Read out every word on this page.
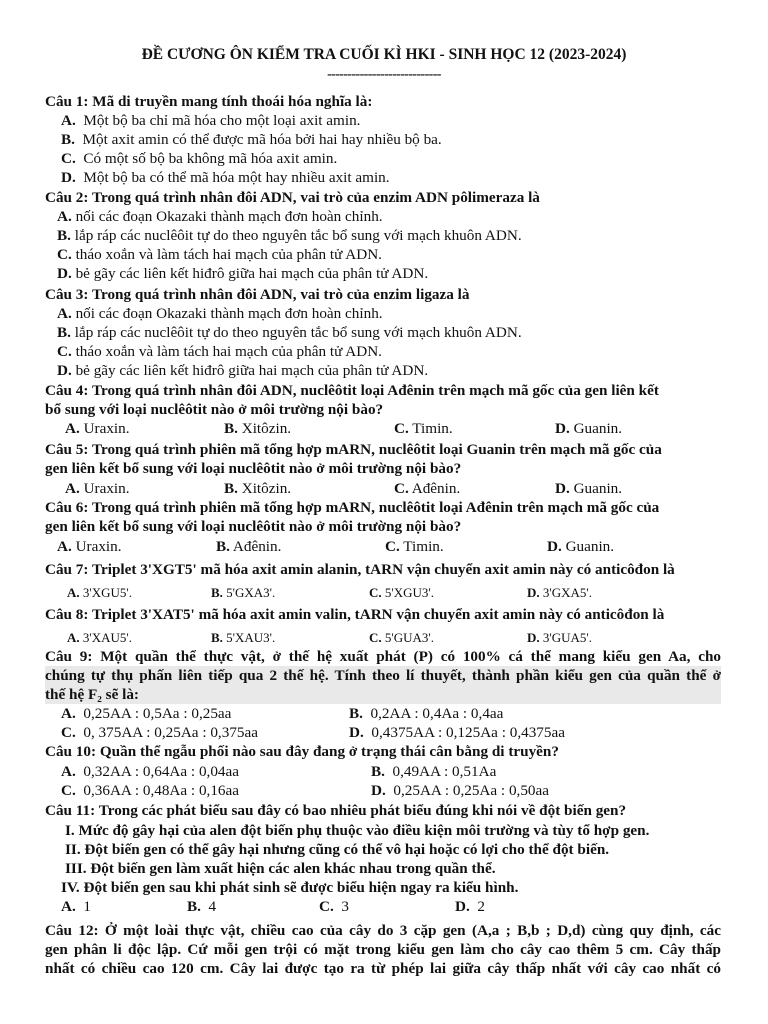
ĐỀ CƯƠNG ÔN KIỂM TRA CUỐI KÌ HKI - SINH HỌC 12 (2023-2024)
----------------------------
Câu 1: Mã di truyền mang tính thoái hóa nghĩa là:
A. Một bộ ba chỉ mã hóa cho một loại axit amin.
B. Một axit amin có thể được mã hóa bởi hai hay nhiều bộ ba.
C. Có một số bộ ba không mã hóa axit amin.
D. Một bộ ba có thể mã hóa một hay nhiều axit amin.
Câu 2: Trong quá trình nhân đôi ADN, vai trò của enzim ADN pôlimeraza là
A. nối các đoạn Okazaki thành mạch đơn hoàn chỉnh.
B. lắp ráp các nuclêôit tự do theo nguyên tắc bổ sung với mạch khuôn ADN.
C. tháo xoắn và làm tách hai mạch của phân tử ADN.
D. bẻ gãy các liên kết hiđrô giữa hai mạch của phân tử ADN.
Câu 3: Trong quá trình nhân đôi ADN, vai trò của enzim ligaza là
A. nối các đoạn Okazaki thành mạch đơn hoàn chỉnh.
B. lắp ráp các nuclêôit tự do theo nguyên tắc bổ sung với mạch khuôn ADN.
C. tháo xoắn và làm tách hai mạch của phân tử ADN.
D. bẻ gãy các liên kết hiđrô giữa hai mạch của phân tử ADN.
Câu 4: Trong quá trình nhân đôi ADN, nuclêôtit loại Ađênin trên mạch mã gốc của gen liên kết
bổ sung với loại nuclêôtit nào ở môi trường nội bào?
A. Uraxin.	B. Xitôzin.	C. Timin.	D. Guanin.
Câu 5: Trong quá trình phiên mã tổng hợp mARN, nuclêôtit loại Guanin trên mạch mã gốc của
gen liên kết bổ sung với loại nuclêôtit nào ở môi trường nội bào?
A. Uraxin.	B. Xitôzin.	C. Ađênin.	D. Guanin.
Câu 6: Trong quá trình phiên mã tổng hợp mARN, nuclêôtit loại Ađênin trên mạch mã gốc của
gen liên kết bổ sung với loại nuclêôtit nào ở môi trường nội bào?
A. Uraxin.	B. Ađênin.	C. Timin.	D. Guanin.
Câu 7: Triplet 3'XGT5' mã hóa axit amin alanin, tARN vận chuyển axit amin này có anticôđon là
A. 3'XGU5'.	B. 5'GXA3'.	C. 5'XGU3'.	D. 3'GXA5'.
Câu 8: Triplet 3'XAT5' mã hóa axit amin valin, tARN vận chuyển axit amin này có anticôđon là
A. 3'XAU5'.	B. 5'XAU3'.	C. 5'GUA3'.	D. 3'GUA5'.
Câu 9: Một quần thể thực vật, ở thế hệ xuất phát (P) có 100% cá thể mang kiểu gen Aa, cho
chúng tự thụ phấn liên tiếp qua 2 thế hệ. Tính theo lí thuyết, thành phần kiểu gen của quần thể ở
thế hệ F₂ sẽ là:
A. 0,25AA : 0,5Aa : 0,25aa	B. 0,2AA : 0,4Aa : 0,4aa
C. 0, 375AA : 0,25Aa : 0,375aa	D. 0,4375AA : 0,125Aa : 0,4375aa
Câu 10: Quần thể ngẫu phối nào sau đây đang ở trạng thái cân bằng di truyền?
A. 0,32AA : 0,64Aa : 0,04aa	B. 0,49AA : 0,51Aa
C. 0,36AA : 0,48Aa : 0,16aa	D. 0,25AA : 0,25Aa : 0,50aa
Câu 11: Trong các phát biểu sau đây có bao nhiêu phát biểu đúng khi nói về đột biến gen?
I. Mức độ gây hại của alen đột biến phụ thuộc vào điều kiện môi trường và tùy tổ hợp gen.
II. Đột biến gen có thể gây hại nhưng cũng có thể vô hại hoặc có lợi cho thể đột biến.
III. Đột biến gen làm xuất hiện các alen khác nhau trong quần thể.
IV. Đột biến gen sau khi phát sinh sẽ được biểu hiện ngay ra kiểu hình.
A. 1	B. 4	C. 3	D. 2
Câu 12: Ở một loài thực vật, chiều cao của cây do 3 cặp gen (A,a ; B,b ; D,d) cùng quy định, các
gen phân li độc lập. Cứ mỗi gen trội có mặt trong kiểu gen làm cho cây cao thêm 5 cm. Cây thấp
nhất có chiều cao 120 cm. Cây lai được tạo ra từ phép lai giữa cây thấp nhất với cây cao nhất có
